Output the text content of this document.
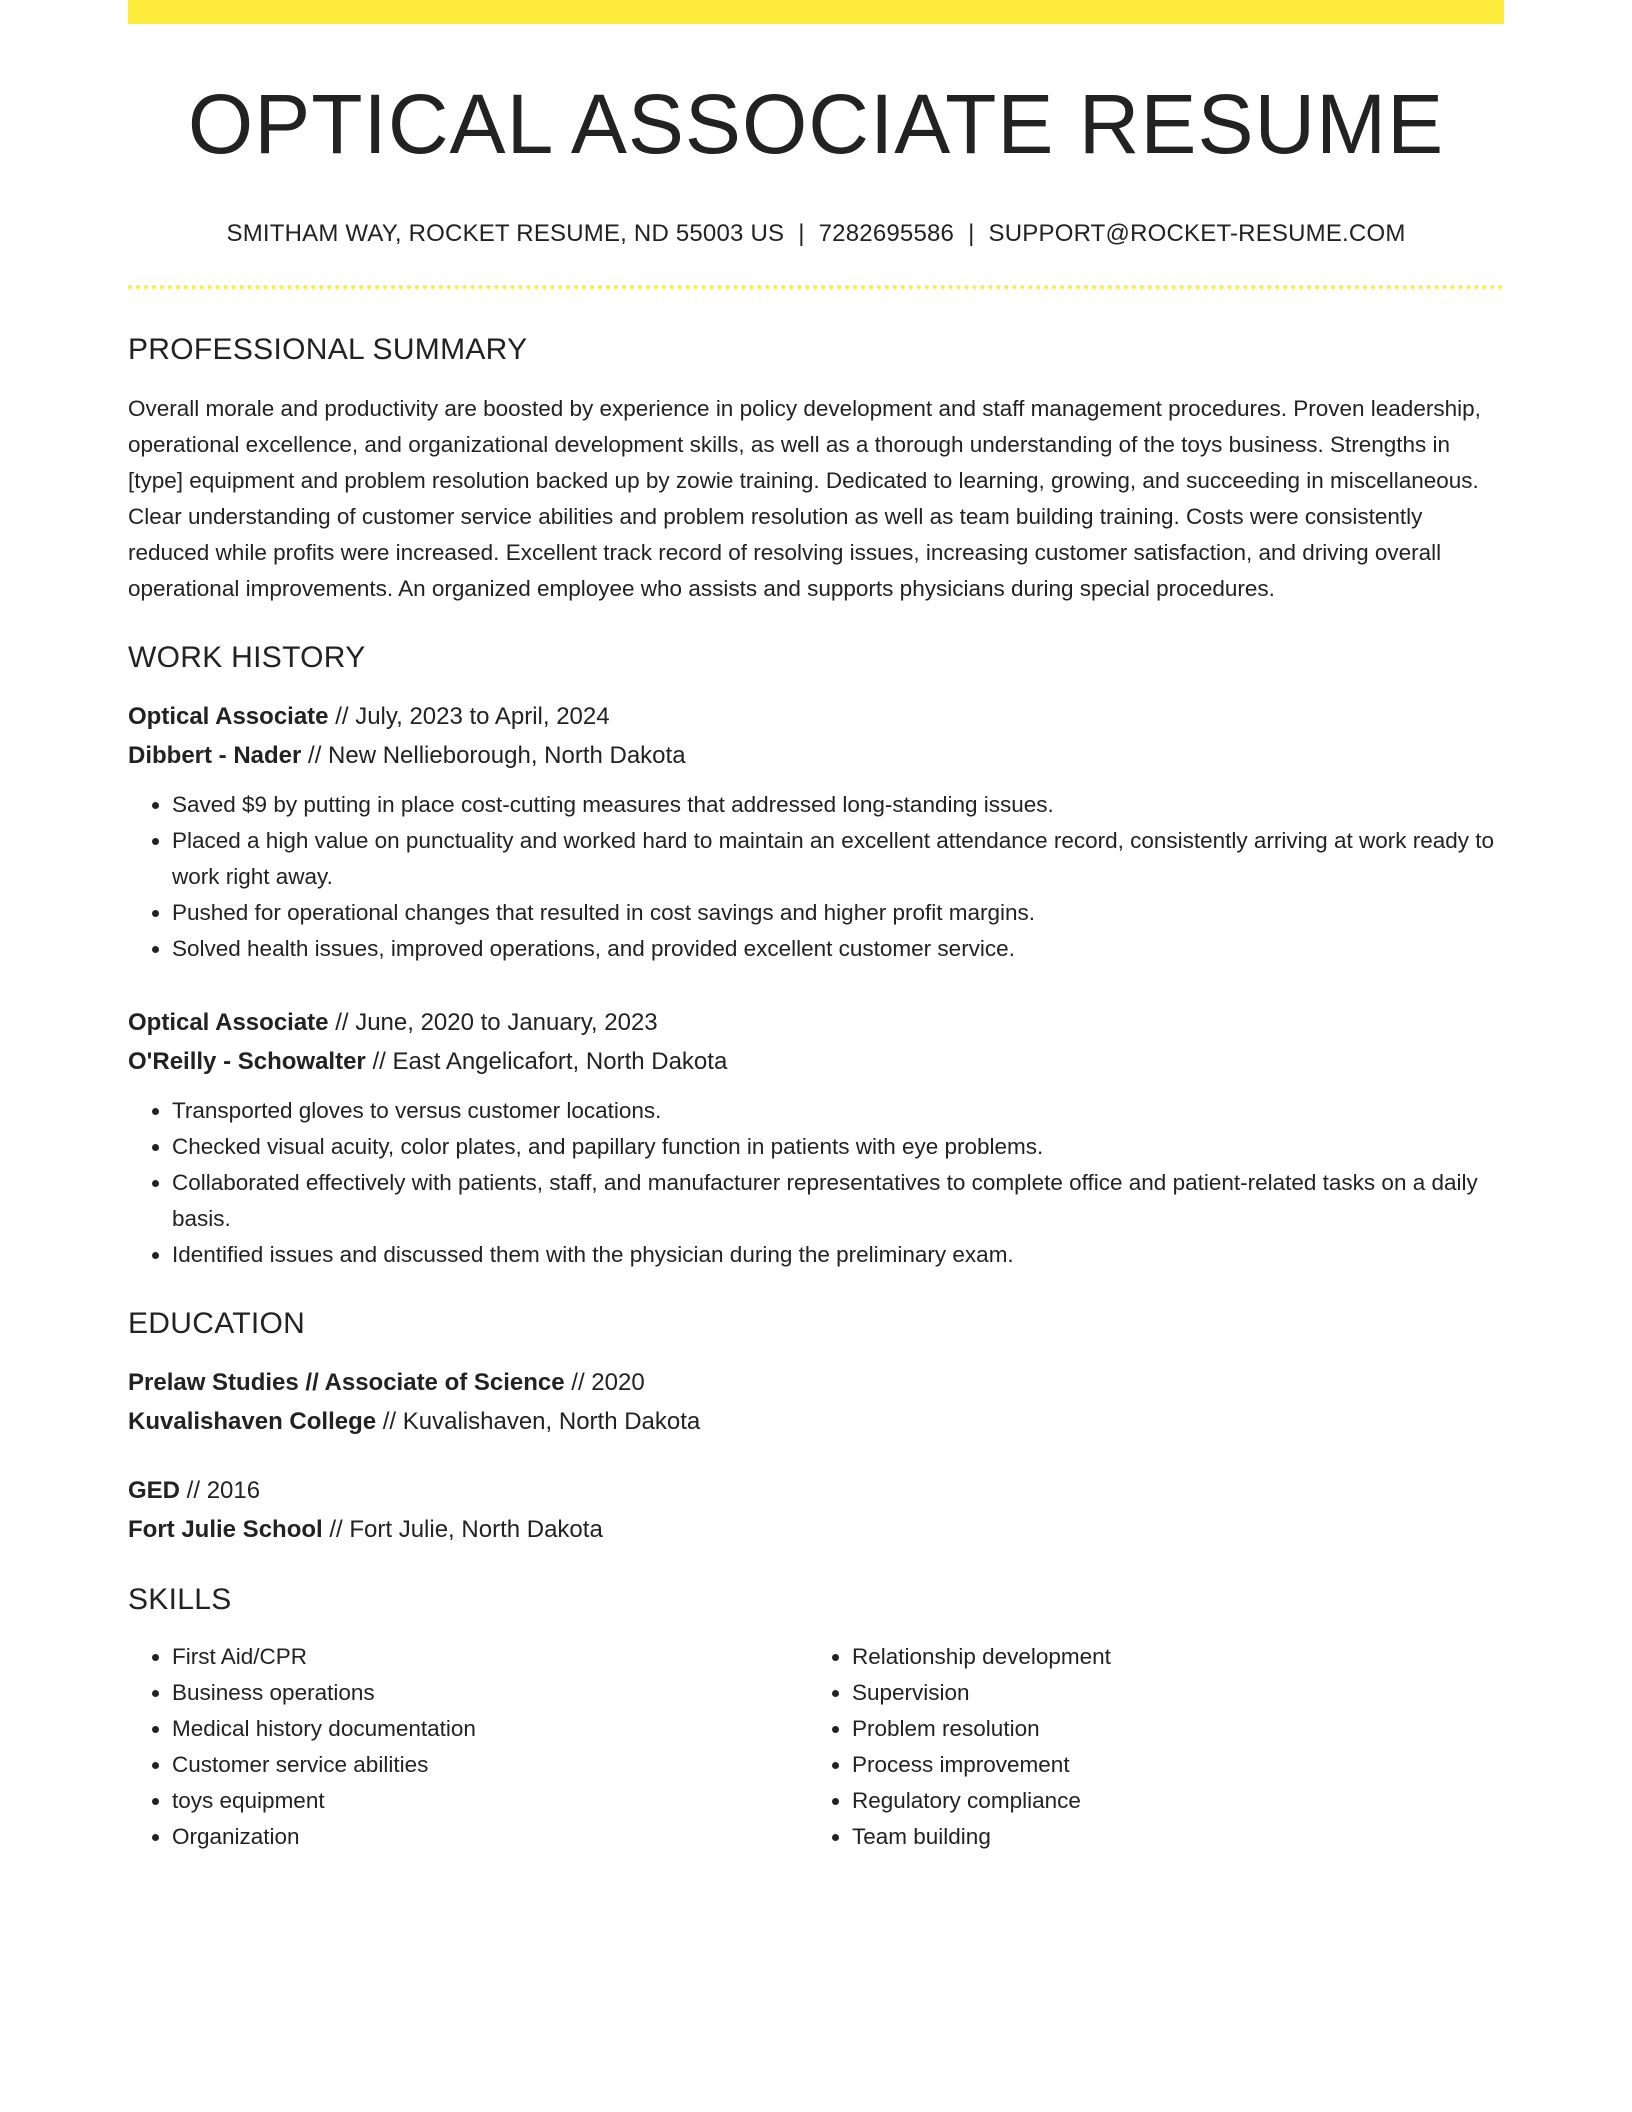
OPTICAL ASSOCIATE RESUME
SMITHAM WAY, ROCKET RESUME, ND 55003 US | 7282695586 | SUPPORT@ROCKET-RESUME.COM
PROFESSIONAL SUMMARY
Overall morale and productivity are boosted by experience in policy development and staff management procedures. Proven leadership, operational excellence, and organizational development skills, as well as a thorough understanding of the toys business. Strengths in [type] equipment and problem resolution backed up by zowie training. Dedicated to learning, growing, and succeeding in miscellaneous. Clear understanding of customer service abilities and problem resolution as well as team building training. Costs were consistently reduced while profits were increased. Excellent track record of resolving issues, increasing customer satisfaction, and driving overall operational improvements. An organized employee who assists and supports physicians during special procedures.
WORK HISTORY
Optical Associate // July, 2023 to April, 2024
Dibbert - Nader // New Nellieborough, North Dakota
• Saved $9 by putting in place cost-cutting measures that addressed long-standing issues.
• Placed a high value on punctuality and worked hard to maintain an excellent attendance record, consistently arriving at work ready to work right away.
• Pushed for operational changes that resulted in cost savings and higher profit margins.
• Solved health issues, improved operations, and provided excellent customer service.
Optical Associate // June, 2020 to January, 2023
O'Reilly - Schowalter // East Angelicafort, North Dakota
• Transported gloves to versus customer locations.
• Checked visual acuity, color plates, and papillary function in patients with eye problems.
• Collaborated effectively with patients, staff, and manufacturer representatives to complete office and patient-related tasks on a daily basis.
• Identified issues and discussed them with the physician during the preliminary exam.
EDUCATION
Prelaw Studies // Associate of Science // 2020
Kuvalishaven College // Kuvalishaven, North Dakota
GED // 2016
Fort Julie School // Fort Julie, North Dakota
SKILLS
• First Aid/CPR
• Business operations
• Medical history documentation
• Customer service abilities
• toys equipment
• Organization
• Relationship development
• Supervision
• Problem resolution
• Process improvement
• Regulatory compliance
• Team building
